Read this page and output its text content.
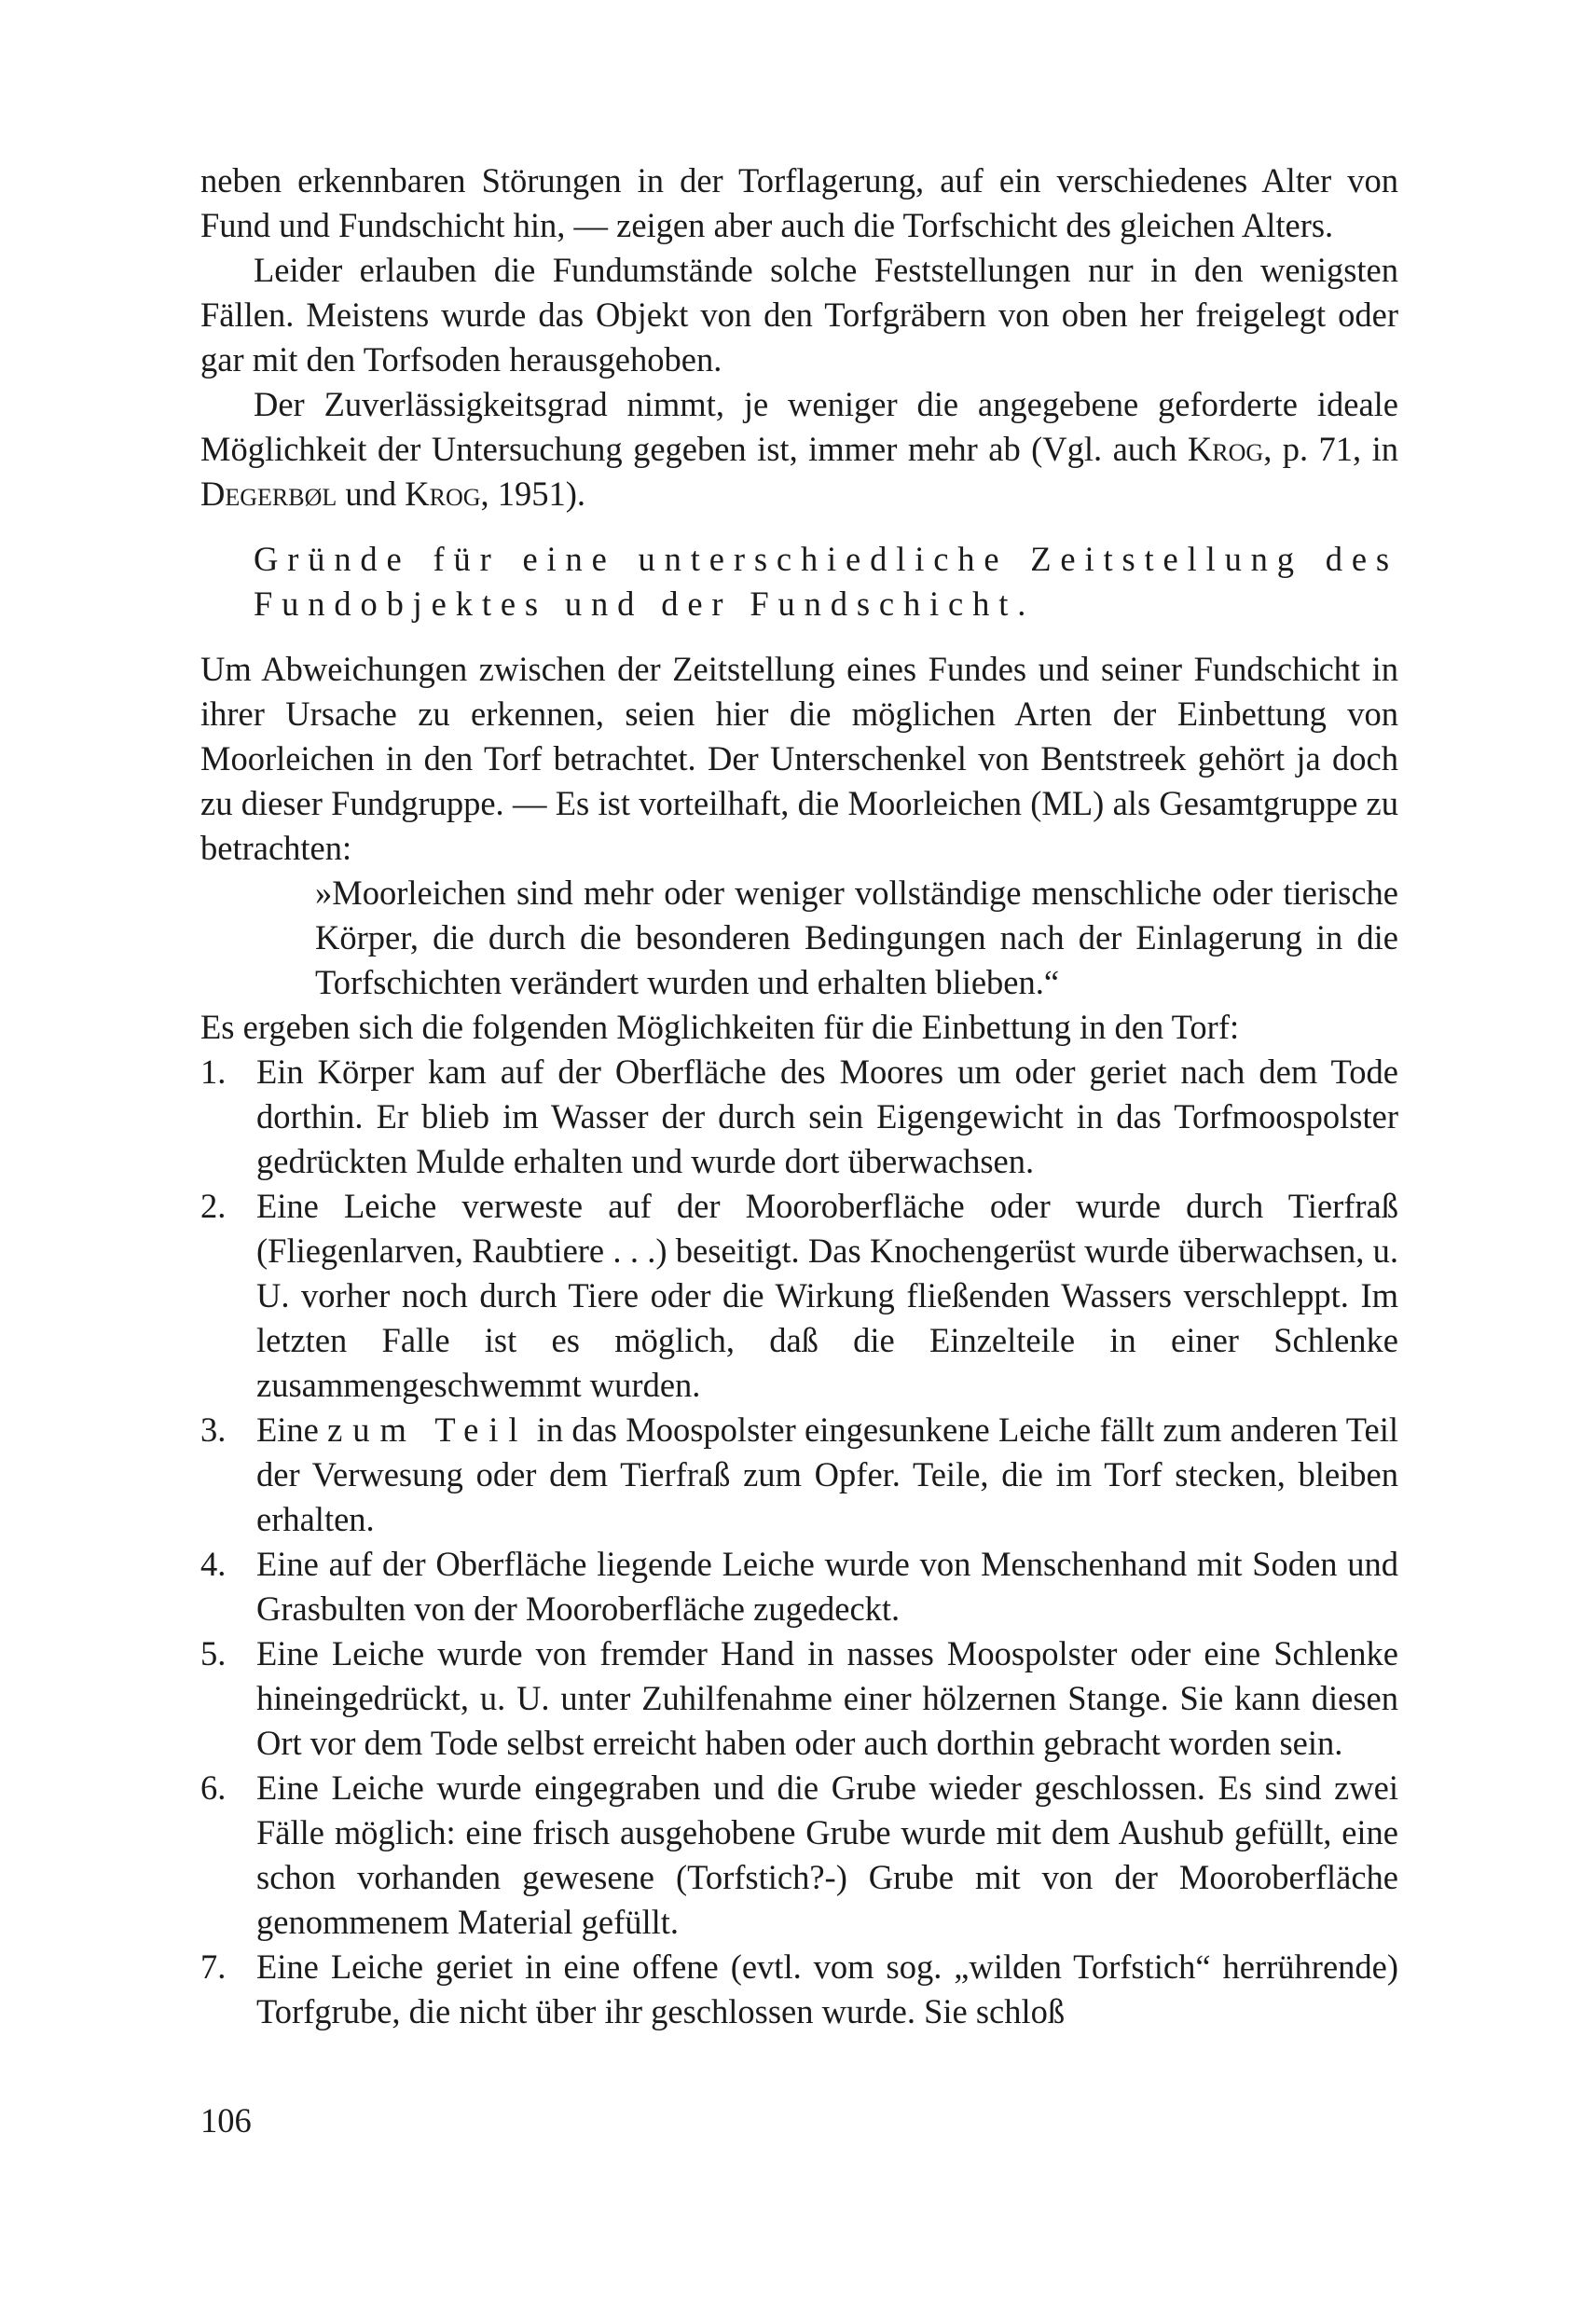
neben erkennbaren Störungen in der Torflagerung, auf ein verschiedenes Alter von Fund und Fundschicht hin, — zeigen aber auch die Torfschicht des gleichen Alters.

Leider erlauben die Fundumstände solche Feststellungen nur in den wenigsten Fällen. Meistens wurde das Objekt von den Torfgräbern von oben her freigelegt oder gar mit den Torfsoden herausgehoben.

Der Zuverlässigkeitsgrad nimmt, je weniger die angegebene geforderte ideale Möglichkeit der Untersuchung gegeben ist, immer mehr ab (Vgl. auch Krog, p. 71, in Degerbøl und Krog, 1951).

Gründe für eine unterschiedliche Zeitstellung des Fundobjektes und der Fundschicht.

Um Abweichungen zwischen der Zeitstellung eines Fundes und seiner Fundschicht in ihrer Ursache zu erkennen, seien hier die möglichen Arten der Einbettung von Moorleichen in den Torf betrachtet. Der Unterschenkel von Bentstreek gehört ja doch zu dieser Fundgruppe. — Es ist vorteilhaft, die Moorleichen (ML) als Gesamtgruppe zu betrachten:

»Moorleichen sind mehr oder weniger vollständige menschliche oder tierische Körper, die durch die besonderen Bedingungen nach der Einlagerung in die Torfschichten verändert wurden und erhalten blieben.“

Es ergeben sich die folgenden Möglichkeiten für die Einbettung in den Torf:

1. Ein Körper kam auf der Oberfläche des Moores um oder geriet nach dem Tode dorthin. Er blieb im Wasser der durch sein Eigengewicht in das Torfmoospolster gedrückten Mulde erhalten und wurde dort überwachsen.
2. Eine Leiche verweste auf der Mooroberfläche oder wurde durch Tierfraß (Fliegenlarven, Raubtiere . . .) beseitigt. Das Knochengerüst wurde überwachsen, u. U. vorher noch durch Tiere oder die Wirkung fließenden Wassers verschleppt. Im letzten Falle ist es möglich, daß die Einzelteile in einer Schlenke zusammengeschwemmt wurden.
3. Eine zum Teil in das Moospolster eingesunkene Leiche fällt zum anderen Teil der Verwesung oder dem Tierfraß zum Opfer. Teile, die im Torf stecken, bleiben erhalten.
4. Eine auf der Oberfläche liegende Leiche wurde von Menschenhand mit Soden und Grasbulten von der Mooroberfläche zugedeckt.
5. Eine Leiche wurde von fremder Hand in nasses Moospolster oder eine Schlenke hineingedrückt, u. U. unter Zuhilfenahme einer hölzernen Stange. Sie kann diesen Ort vor dem Tode selbst erreicht haben oder auch dorthin gebracht worden sein.
6. Eine Leiche wurde eingegraben und die Grube wieder geschlossen. Es sind zwei Fälle möglich: eine frisch ausgehobene Grube wurde mit dem Aushub gefüllt, eine schon vorhanden gewesene (Torfstich?-) Grube mit von der Mooroberfläche genommenem Material gefüllt.
7. Eine Leiche geriet in eine offene (evtl. vom sog. „wilden Torfstich“ herrührende) Torfgrube, die nicht über ihr geschlossen wurde. Sie schloß
106
